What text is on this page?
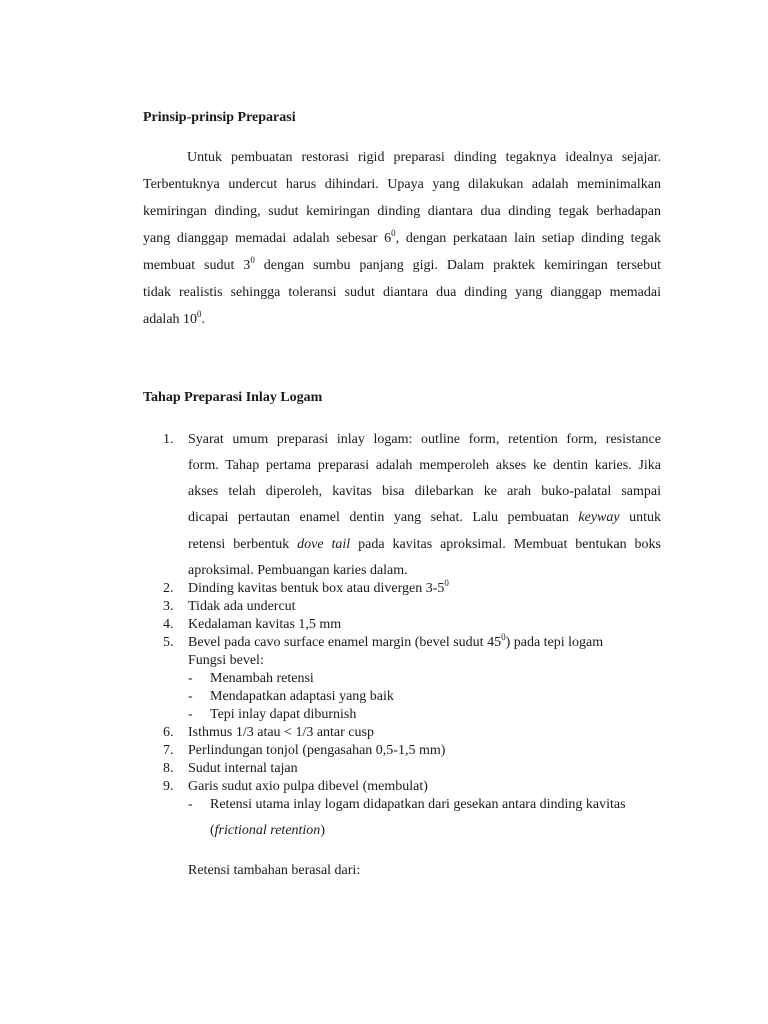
Prinsip-prinsip Preparasi
Untuk pembuatan restorasi rigid preparasi dinding tegaknya idealnya sejajar.
Terbentuknya undercut harus dihindari. Upaya yang dilakukan adalah meminimalkan
kemiringan dinding, sudut kemiringan dinding diantara dua dinding tegak berhadapan
yang dianggap memadai adalah sebesar $6^0$, dengan perkataan lain setiap dinding tegak
membuat sudut $3^0$ dengan sumbu panjang gigi. Dalam praktek kemiringan tersebut
tidak realistis sehingga toleransi sudut diantara dua dinding yang dianggap memadai
adalah $10^0$.
Tahap Preparasi Inlay Logam
1. Syarat umum preparasi inlay logam: outline form, retention form, resistance
form. Tahap pertama preparasi adalah memperoleh akses ke dentin karies. Jika
akses telah diperoleh, kavitas bisa dilebarkan ke arah buko-palatal sampai
dicapai pertautan enamel dentin yang sehat. Lalu pembuatan keyway untuk
retensi berbentuk dove tail pada kavitas aproksimal. Membuat bentukan boks
aproksimal. Pembuangan karies dalam.
2. Dinding kavitas bentuk box atau divergen $3-5^0$
3. Tidak ada undercut
4. Kedalaman kavitas 1,5 mm
5. Bevel pada cavo surface enamel margin (bevel sudut $45^0$) pada tepi logam
Fungsi bevel:
- Menambah retensi
- Mendapatkan adaptasi yang baik
- Tepi inlay dapat diburnish
6. Isthmus 1/3 atau < 1/3 antar cusp
7. Perlindungan tonjol (pengasahan 0,5-1,5 mm)
8. Sudut internal tajan
9. Garis sudut axio pulpa dibevel (membulat)
- Retensi utama inlay logam didapatkan dari gesekan antara dinding kavitas
(frictional retention)
Retensi tambahan berasal dari:
